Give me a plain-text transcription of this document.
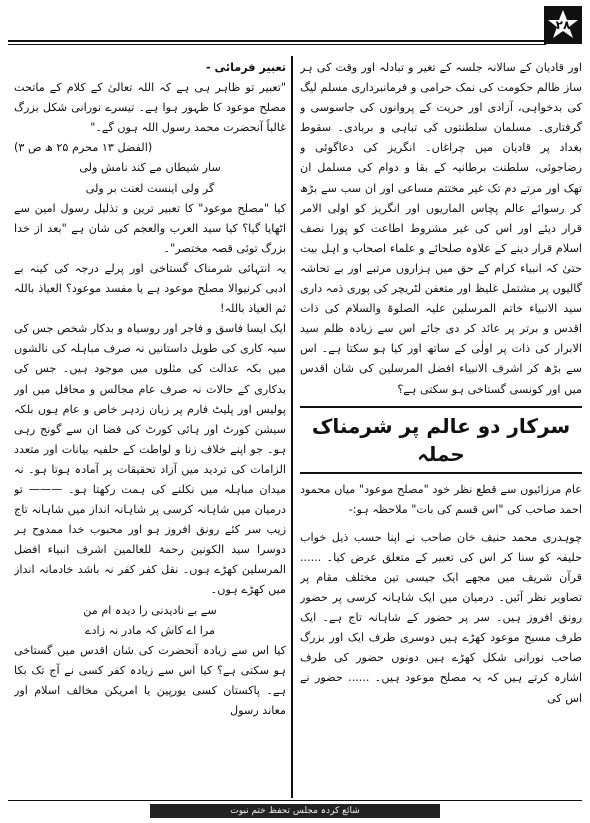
۲۸

اور قادیان کے سالانہ جلسہ کے تغیر و تبادلہ اور وقت کی ہر ساز ظالم حکومت کی نمک حرامی و فرمانبرداری مسلم لیگ کی بدخواہی، آزادی اور حریت کے پروانوں کی جاسوسی و گرفتاری۔ مسلمان سلطنتوں کی تباہی و بربادی۔ سقوط بغداد پر قادیان میں چراغاں۔ انگریز کی دعاگوئی و رضاجوئی، سلطنت برطانیہ کے بقا و دوام کی مسلمل ان تھک اور مرتے دم تک غیر مختتم مساعی اور ان سب سے بڑھ کر رسوائے عالم پچاس الماریوں اور انگریز کو اولی الامر قرار دیئے اور اس کی غیر مشروط اطاعت کو پورا نصف اسلام قرار دینے کے علاوہ صلحائے و علماء اصحاب و اہل بیت حتیٰ کہ انبیاء کرام کے حق میں ہزاروں مرتبے اور بے تحاشہ گالیوں پر مشتمل غلیظ اور متعفن لٹریچر کی پوری ذمہ داری سید الانبیاء خاتم المرسلین علیہ الصلوۃ والسلام کی ذات اقدس و برتر پر عائد کر دی جائے اس سے زیادہ ظلم سید الابرار کی ذات پر اولٰی کے ساتھ اور کیا ہو سکتا ہے۔ اس سے بڑھ کر اشرف الانبیاء افضل المرسلین کی شان اقدس میں اور کونسی گستاخی ہو سکتی ہے؟

سرکار دو عالم پر شرمناک حملہ

عام مرزائیوں سے قطع نظر خود "مصلح موعود" میاں محمود احمد صاحب کی "اس قسم کی بات" ملاحظہ ہو:-

چوہدری محمد حنیف خان صاحب نے اپنا حسب ذیل خواب حلیفہ کو سنا کر اس کی تعبیر کے متعلق عرض کیا۔ ...... قرآن شریف میں مجھے ایک جیسی تین مختلف مقام پر تصاویر نظر آئیں۔ درمیان میں ایک شاہانہ کرسی پر حضور رونق افروز ہیں۔ سر پر حضور کے شاہانہ تاج ہے۔ ایک طرف مسیح موعود کھڑے ہیں دوسری طرف ایک اور بزرگ صاحب نورانی شکل کھڑے ہیں دونوں حضور کی طرف اشارہ کرتے ہیں کہ یہ مصلح موعود ہیں۔ ...... حضور نے اس کی

تعبیر فرمائی -

"تعبیر تو ظاہر ہی ہے کہ اللہ تعالیٰ کے کلام کے ماتحت مصلح موعود کا ظہور ہوا ہے۔ تیسرے نورانی شکل بزرگ غالباً آنحضرت محمد رسول اللہ ہوں گے۔"

(الفضل ۱۳ محرم ۲۵ ھ ص ۳)

سار شیطاں مے کند نامش ولی

گر ولی اینست لعنت بر ولی

کیا "مصلح موعود" کا تعبیر ترین و تذلیل رسول امین سے اٹھایا گیا؟ کیا سید العرب والعجم کی شان ہے "بعد از خدا بزرگ توئی قصہ مختصر"۔

یہ انتہائی شرمناک گستاخی اور پرلے درجہ کی کینہ بے ادبی کرنیوالا مصلح موعود ہے یا مفسد موعود؟ العیاذ باللہ ثم العیاذ باللہ!

ایک ایسا فاسق و فاجر اور روسیاہ و بدکار شخص جس کی سیہ کاری کی طویل داستانیں نہ صرف مباہلہ کی نالشوں میں بکہ عدالت کی مثلوں میں موجود ہیں۔ جس کی بدکاری کے حالات نہ صرف عام مجالس و محافل میں اور پولیس اور پلیٹ فارم پر زبان زدہر خاص و عام ہوں بلکہ سیشن کورٹ اور ہائی کورٹ کی فضا ان سے گونج رہی ہو۔ جو اپنے خلاف زنا و لواطت کے حلفیہ بیانات اور متعدد الزامات کی تردید میں آزاد تحقیقات پر آمادہ ہوتا ہو۔ نہ میدان مباہلہ میں نکلنے کی ہمت رکھتا ہو۔ ——— تو درمیان میں شاہانہ کرسی پر شاہانہ انداز میں شاہانہ تاج زیب سر کئے رونق افروز ہو اور محبوب خدا ممدوح ہر دوسرا سید الکونین رحمۃ للعالمین اشرف انبیاء افضل المرسلین کھڑے ہوں۔ نقل کفر کفر نہ باشد خادمانہ انداز میں کھڑے ہوں۔

سے بے نادیدنی را دیدہ ام من

مرا اے کاش کہ مادر نہ زادے

کیا اس سے زیادہ آنحضرت کی شان اقدس میں گستاخی ہو سکتی ہے؟ کیا اس سے زیادہ کفر کسی نے آج تک بکا ہے۔ پاکستان کسی یورپین یا امریکن مخالف اسلام اور معاند رسول

شائع کردہ مجلس تحفظ ختم نبوت
